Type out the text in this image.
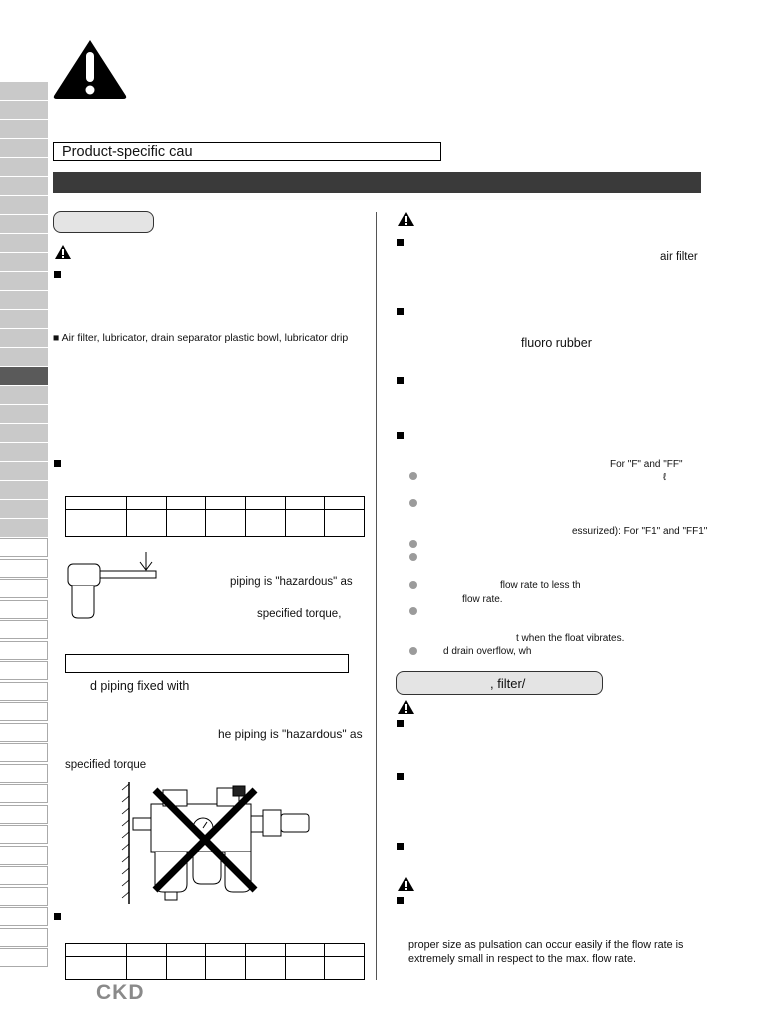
Product-specific cau
■ Air filter, lubricator, drain separator plastic bowl, lubricator drip

piping is "hazardous" as
specified torque,
d piping fixed with
he piping is "hazardous" as
specified torque

air filter
fluoro rubber
For "F" and "FF"
ℓ
essurized): For "F1" and "FF1"
flow rate to less th
flow rate.
t when the float vibrates.
d drain overflow, wh
, filter/
proper size as pulsation can occur easily if the flow rate is
extremely small in respect to the max. flow rate.
CKD
